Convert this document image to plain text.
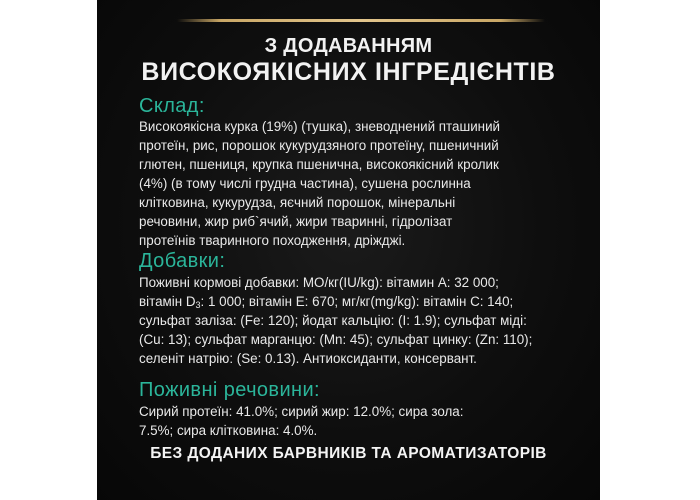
З ДОДАВАННЯМ
ВИСОКОЯКІСНИХ ІНГРЕДІЄНТІВ
Склад:
Високоякісна курка (19%) (тушка), зневоднений пташиний
протеїн, рис, порошок кукурудзяного протеїну, пшеничний
глютен, пшениця, крупка пшенична, високоякісний кролик
(4%) (в тому числі грудна частина), сушена рослинна
клітковина, кукурудза, яєчний порошок, мінеральні
речовини, жир риб`ячий, жири тваринні, гідролізат
протеїнів тваринного походження, дріжджі.
Добавки:
Поживні кормові добавки: МО/кг(IU/kg): вітамин А: 32 000;
вітамін $D_3$: 1 000; вітамін Е: 670; мг/кг(mg/kg): вітамін С: 140;
сульфат заліза: (Fe: 120); йодат кальцію: (I: 1.9); сульфат міді:
(Cu: 13); сульфат марганцю: (Mn: 45); сульфат цинку: (Zn: 110);
селеніт натрію: (Se: 0.13). Антиоксиданти, консервант.
Поживні речовини:
Сирий протеїн: 41.0%; сирий жир: 12.0%; сира зола:
7.5%; сира клітковина: 4.0%.
БЕЗ ДОДАНИХ БАРВНИКІВ ТА АРОМАТИЗАТОРІВ
